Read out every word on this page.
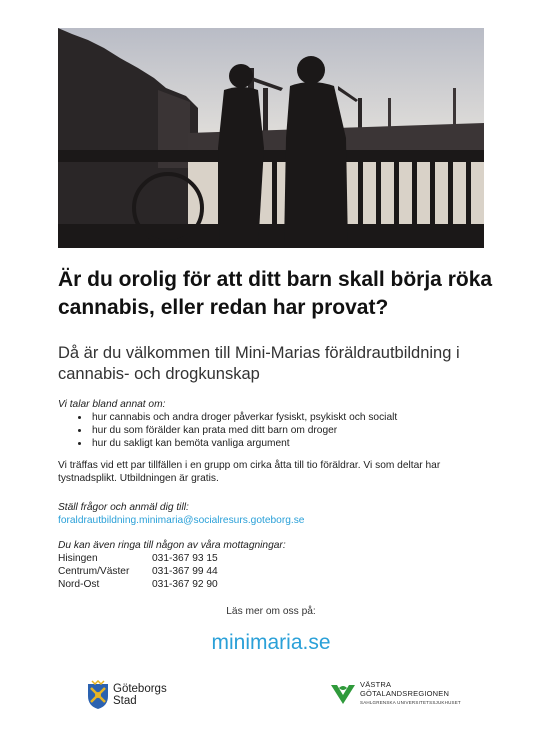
Är du orolig för att ditt barn skall börja röka cannabis, eller redan har provat?

Då är du välkommen till Mini-Marias föräldrautbildning i cannabis- och drogkunskap

Vi talar bland annat om:
• hur cannabis och andra droger påverkar fysiskt, psykiskt och socialt
• hur du som förälder kan prata med ditt barn om droger
• hur du sakligt kan bemöta vanliga argument
Vi träffas vid ett par tillfällen i en grupp om cirka åtta till tio föräldrar. Vi som deltar har tystnadsplikt. Utbildningen är gratis.
Ställ frågor och anmäl dig till:
foraldrautbildning.minimaria@socialresurs.goteborg.se
Du kan även ringa till någon av våra mottagningar:
Hisingen	031-367 93 15
Centrum/Väster	031-367 99 44
Nord-Ost	031-367 92 90
Läs mer om oss på:
minimaria.se
Göteborgs
Stad
VÄSTRA
GÖTALANDSREGIONEN
SAHLGRENSKA UNIVERSITETSSJUKHUSET
